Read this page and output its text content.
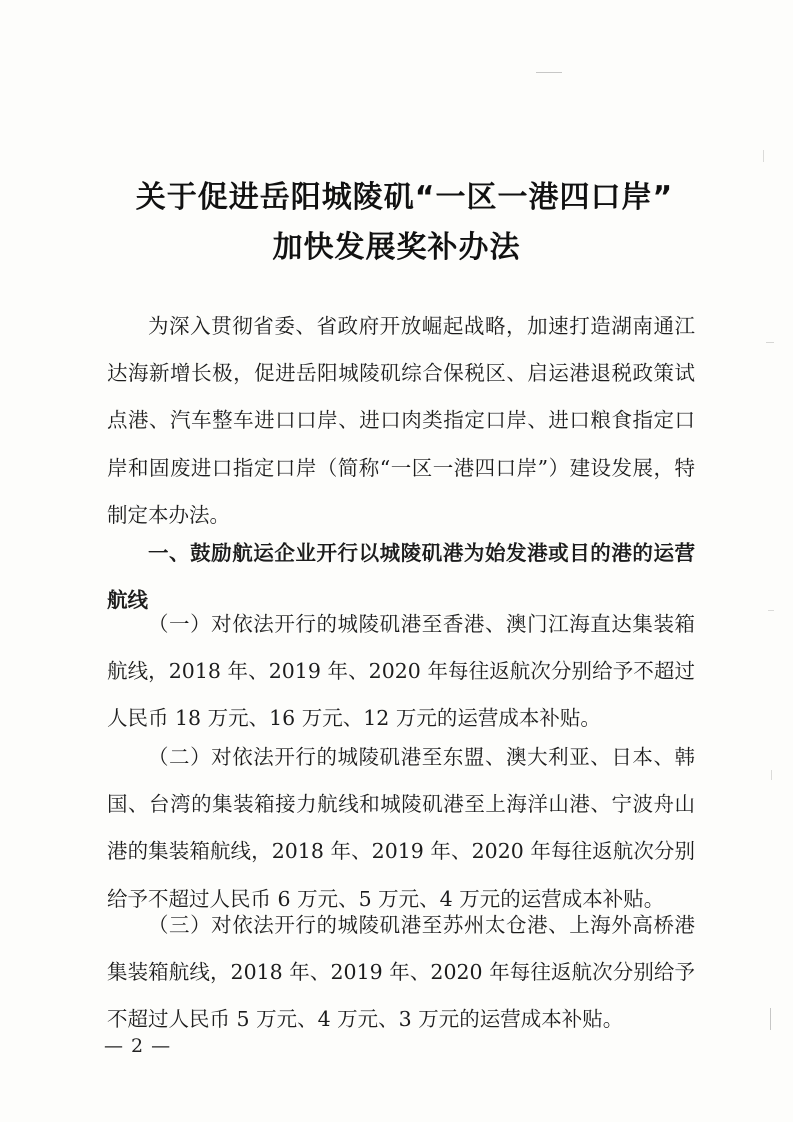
关于促进岳阳城陵矶“一区一港四口岸”
加快发展奖补办法

为深入贯彻省委、省政府开放崛起战略，加速打造湖南通江达海新增长极，促进岳阳城陵矶综合保税区、启运港退税政策试点港、汽车整车进口口岸、进口肉类指定口岸、进口粮食指定口岸和固废进口指定口岸（简称“一区一港四口岸”）建设发展，特制定本办法。

一、鼓励航运企业开行以城陵矶港为始发港或目的港的运营航线

（一）对依法开行的城陵矶港至香港、澳门江海直达集装箱航线，2018 年、2019 年、2020 年每往返航次分别给予不超过人民币 18 万元、16 万元、12 万元的运营成本补贴。

（二）对依法开行的城陵矶港至东盟、澳大利亚、日本、韩国、台湾的集装箱接力航线和城陵矶港至上海洋山港、宁波舟山港的集装箱航线，2018 年、2019 年、2020 年每往返航次分别给予不超过人民币 6 万元、5 万元、4 万元的运营成本补贴。

（三）对依法开行的城陵矶港至苏州太仓港、上海外高桥港集装箱航线，2018 年、2019 年、2020 年每往返航次分别给予不超过人民币 5 万元、4 万元、3 万元的运营成本补贴。

— 2 —
